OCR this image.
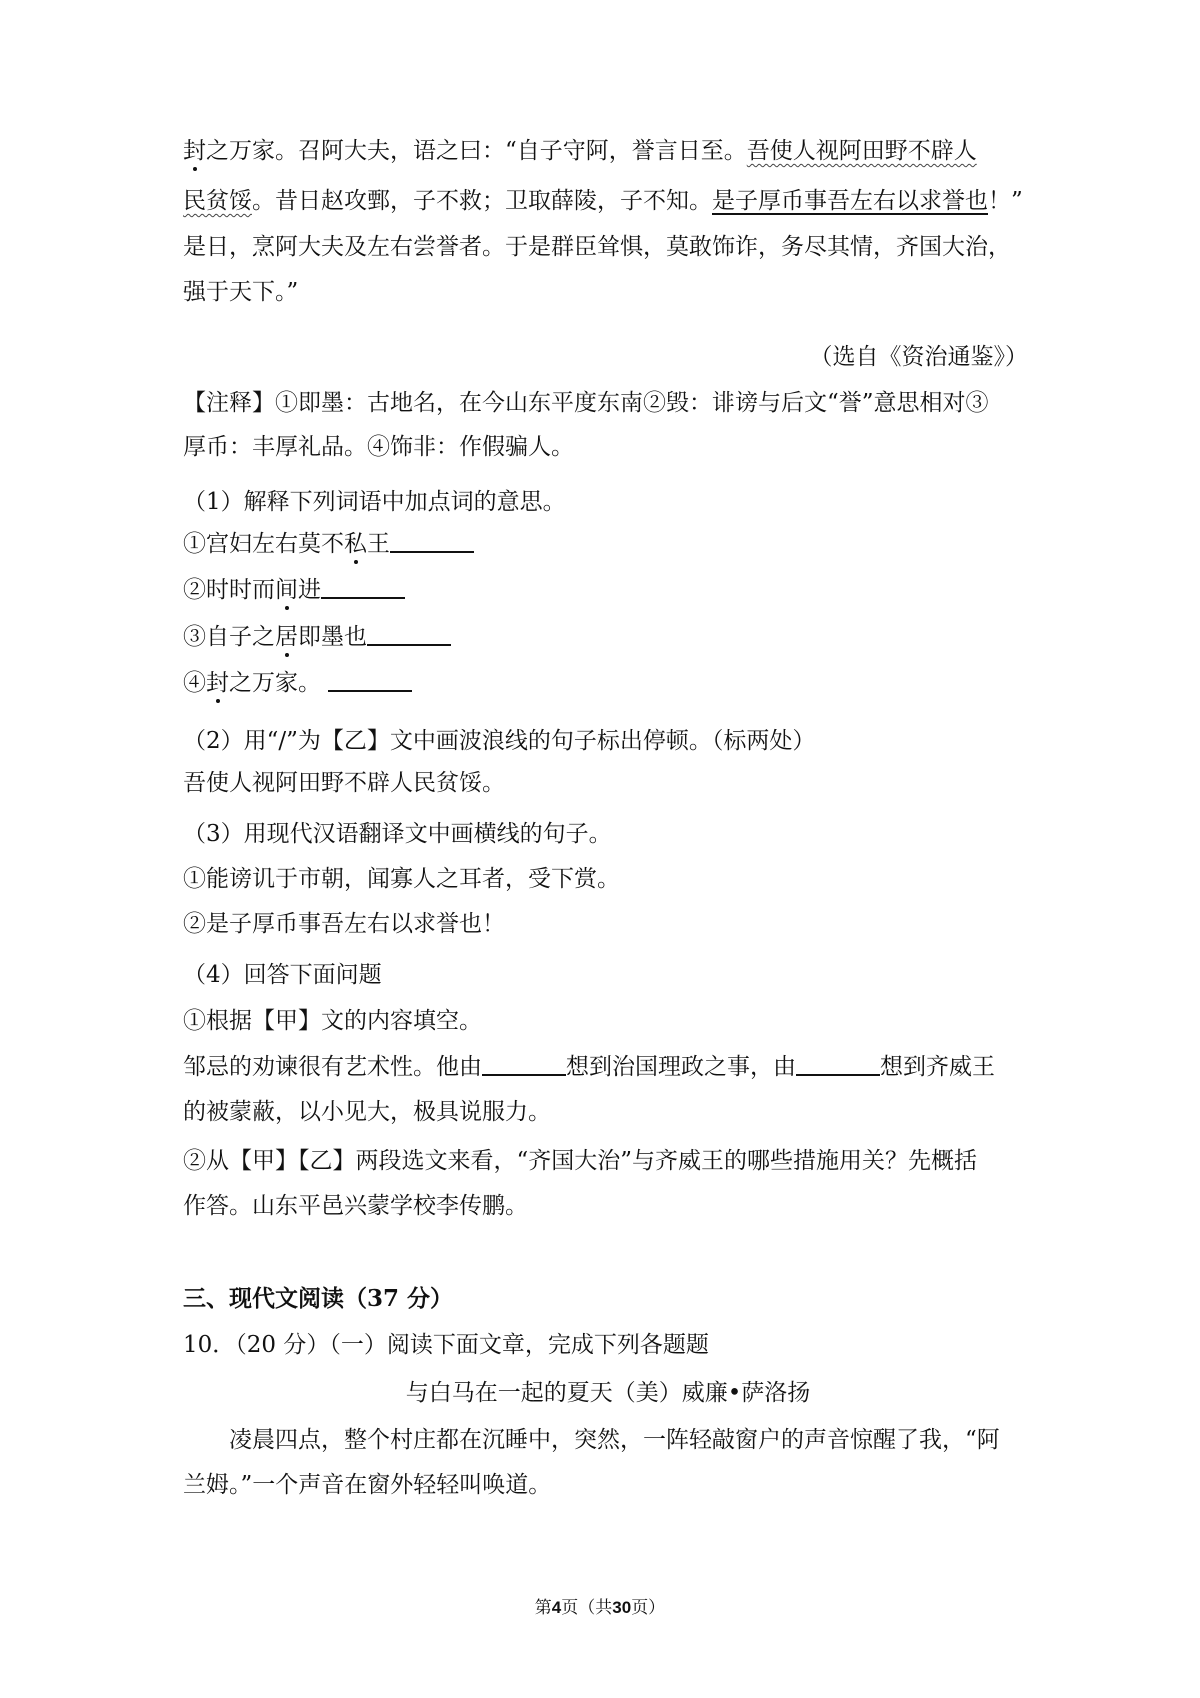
封之万家。召阿大夫，语之曰：“自子守阿，誉言日至。吾使人视阿田野不辟人
民贫馁。昔日赵攻鄄，子不救；卫取薛陵，子不知。是子厚币事吾左右以求誉也！”
是日，烹阿大夫及左右尝誉者。于是群臣耸惧，莫敢饰诈，务尽其情，齐国大治，
强于天下。”
（选自《资治通鉴》）
【注释】①即墨：古地名，在今山东平度东南②毁：诽谤与后文“誉”意思相对③
厚币：丰厚礼品。④饰非：作假骗人。
（1）解释下列词语中加点词的意思。
①宫妇左右莫不私王
②时时而间进
③自子之居即墨也
④封之万家。
（2）用“/”为【乙】文中画波浪线的句子标出停顿。（标两处）
吾使人视阿田野不辟人民贫馁。
（3）用现代汉语翻译文中画横线的句子。
①能谤讥于市朝，闻寡人之耳者，受下赏。
②是子厚币事吾左右以求誉也！
（4）回答下面问题
①根据【甲】文的内容填空。
邹忌的劝谏很有艺术性。他由	想到治国理政之事，由	想到齐威王
的被蒙蔽，以小见大，极具说服力。
②从【甲】【乙】两段选文来看，“齐国大治”与齐威王的哪些措施用关？先概括
作答。山东平邑兴蒙学校李传鹏。
三、现代文阅读（37 分）
10．（20 分）（一）阅读下面文章，完成下列各题题
与白马在一起的夏天（美）威廉•萨洛扬
凌晨四点，整个村庄都在沉睡中，突然，一阵轻敲窗户的声音惊醒了我，“阿
兰姆。”一个声音在窗外轻轻叫唤道。
第4页（共30页）
